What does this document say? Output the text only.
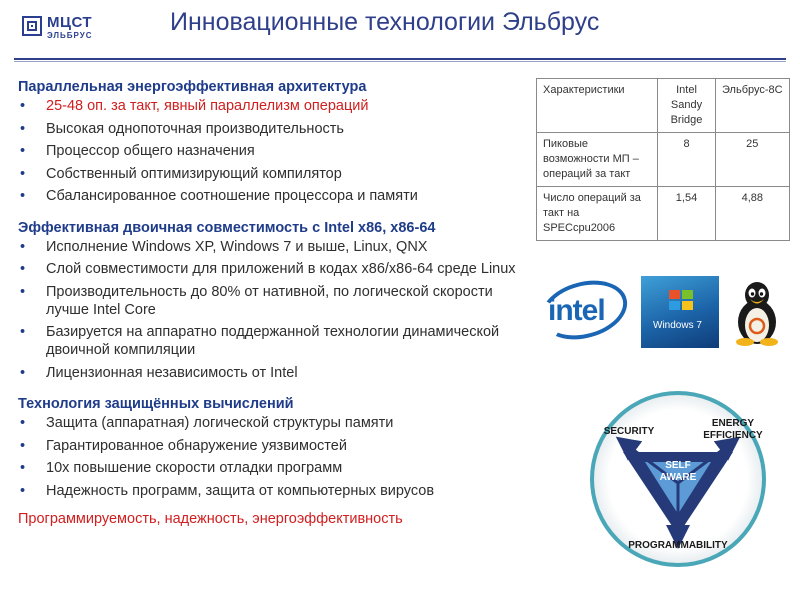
МЦСТ
ЭЛЬБРУС	Инновационные технологии Эльбрус

Параллельная энергоэффективная архитектура

• 25-48 оп. за такт, явный параллелизм операций
• Высокая однопоточная производительность
• Процессор общего назначения
• Собственный оптимизирующий компилятор
• Сбалансированное соотношение процессора и памяти

Эффективная двоичная совместимость с Intel x86, x86-64

• Исполнение Windows XP, Windows 7 и выше, Linux, QNX
• Слой совместимости для приложений в кодах x86/x86-64 среде Linux
• Производительность до 80% от нативной, по логической скорости лучше Intel Core
• Базируется на аппаратно поддержанной технологии динамической двоичной компиляции
• Лицензионная независимость от Intel

Технология защищённых вычислений

• Защита (аппаратная) логической структуры памяти
• Гарантированное обнаружение уязвимостей
• 10х повышение скорости отладки программ
• Надежность программ, защита от компьютерных вирусов
Программируемость, надежность, энергоэффективность
Характеристики	Intel Sandy Bridge	Эльбрус-8С
Пиковые возможности МП – операций за такт	8	25
Число операций за такт на SPECcpu2006	1,54	4,88
intel	Windows 7
SELF
AWARE
SECURITY
ENERGY
EFFICIENCY
PROGRAMMABILITY
